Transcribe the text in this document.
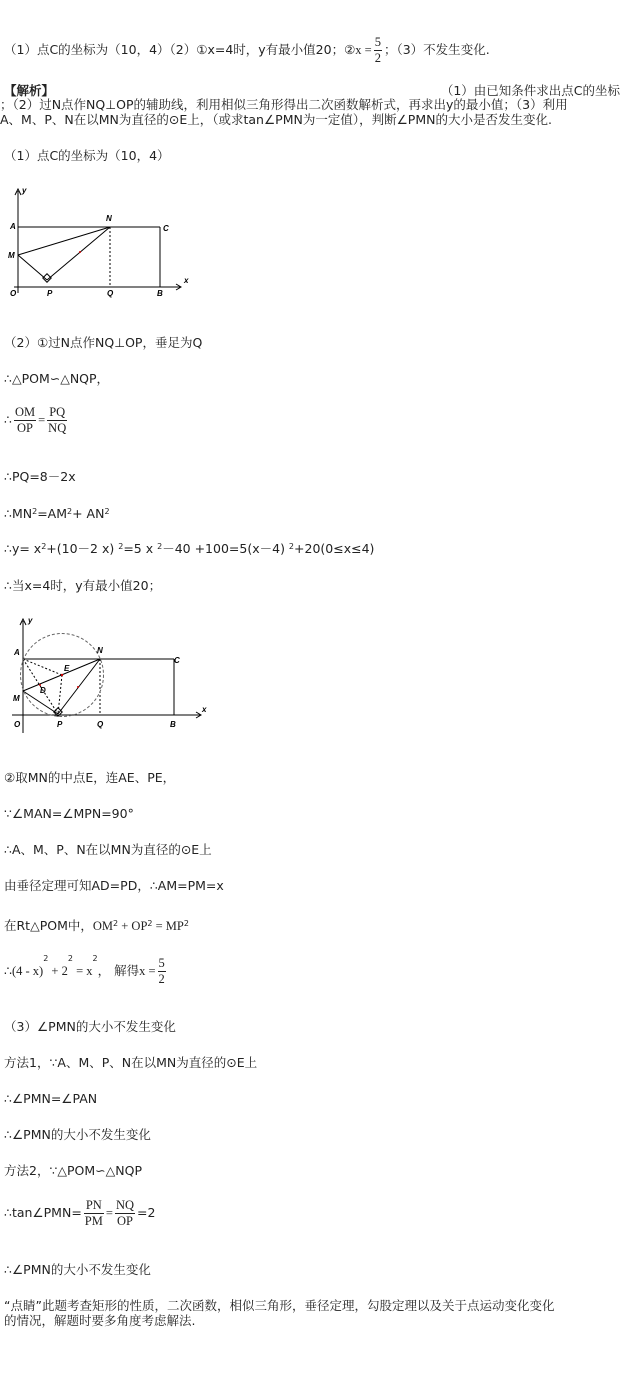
（1）点C的坐标为（10，4）（2）①x=4时，y有最小值20；②x = $\frac{5}{2}$ ；（3）不发生变化.
【解析】	（1）由已知条件求出点C的坐标
；（2）过N点作NQ⊥OP的辅助线，利用相似三角形得出二次函数解析式，再求出y的最小值；（3）利用
A、M、P、N在以MN为直径的⊙E上，（或求tan∠PMN为一定值），判断∠PMN的大小是否发生变化.
（1）点C的坐标为（10，4）
A
N
C
M
O	P	Q	B
y
x
（2）①过N点作NQ⊥OP，垂足为Q
∴△POM∽△NQP，
∴ $\frac{OM}{OP} = \frac{PQ}{NQ}$
∴PQ=8－2x
$\therefore MN^2=AM^2+ AN^2$
∴y= $x^2+(10-2$ x) $^2$=5 x $^2$－40 +100=5(x－4) $^2$+20(0≤x≤4)
∴当x=4时，y有最小值20；
A	N
C
E
D
M
O	P	Q	B
y
x
②取MN的中点E，连AE、PE，
∵∠MAN=∠MPN=90°
∴A、M、P、N在以MN为直径的⊙E上
由垂径定理可知AD=PD，∴AM=PM=x
在Rt△POM中，$OM^2 + OP^2 = MP^2$
∴(4 - $x)^2 + 2^2 = x^2$， 解得$x = \frac{5}{2}$
（3）∠PMN的大小不发生变化
方法1，∵A、M、P、N在以MN为直径的⊙E上
∴∠PMN=∠PAN
∴∠PMN的大小不发生变化
方法2，∵△POM∽△NQP
∴tan∠PMN= $\frac{PN}{PM} = \frac{NQ}{OP} =2$
∴∠PMN的大小不发生变化
“点睛”此题考查矩形的性质，二次函数，相似三角形，垂径定理，勾股定理以及关于点运动变化变化
的情况，解题时要多角度考虑解法.
